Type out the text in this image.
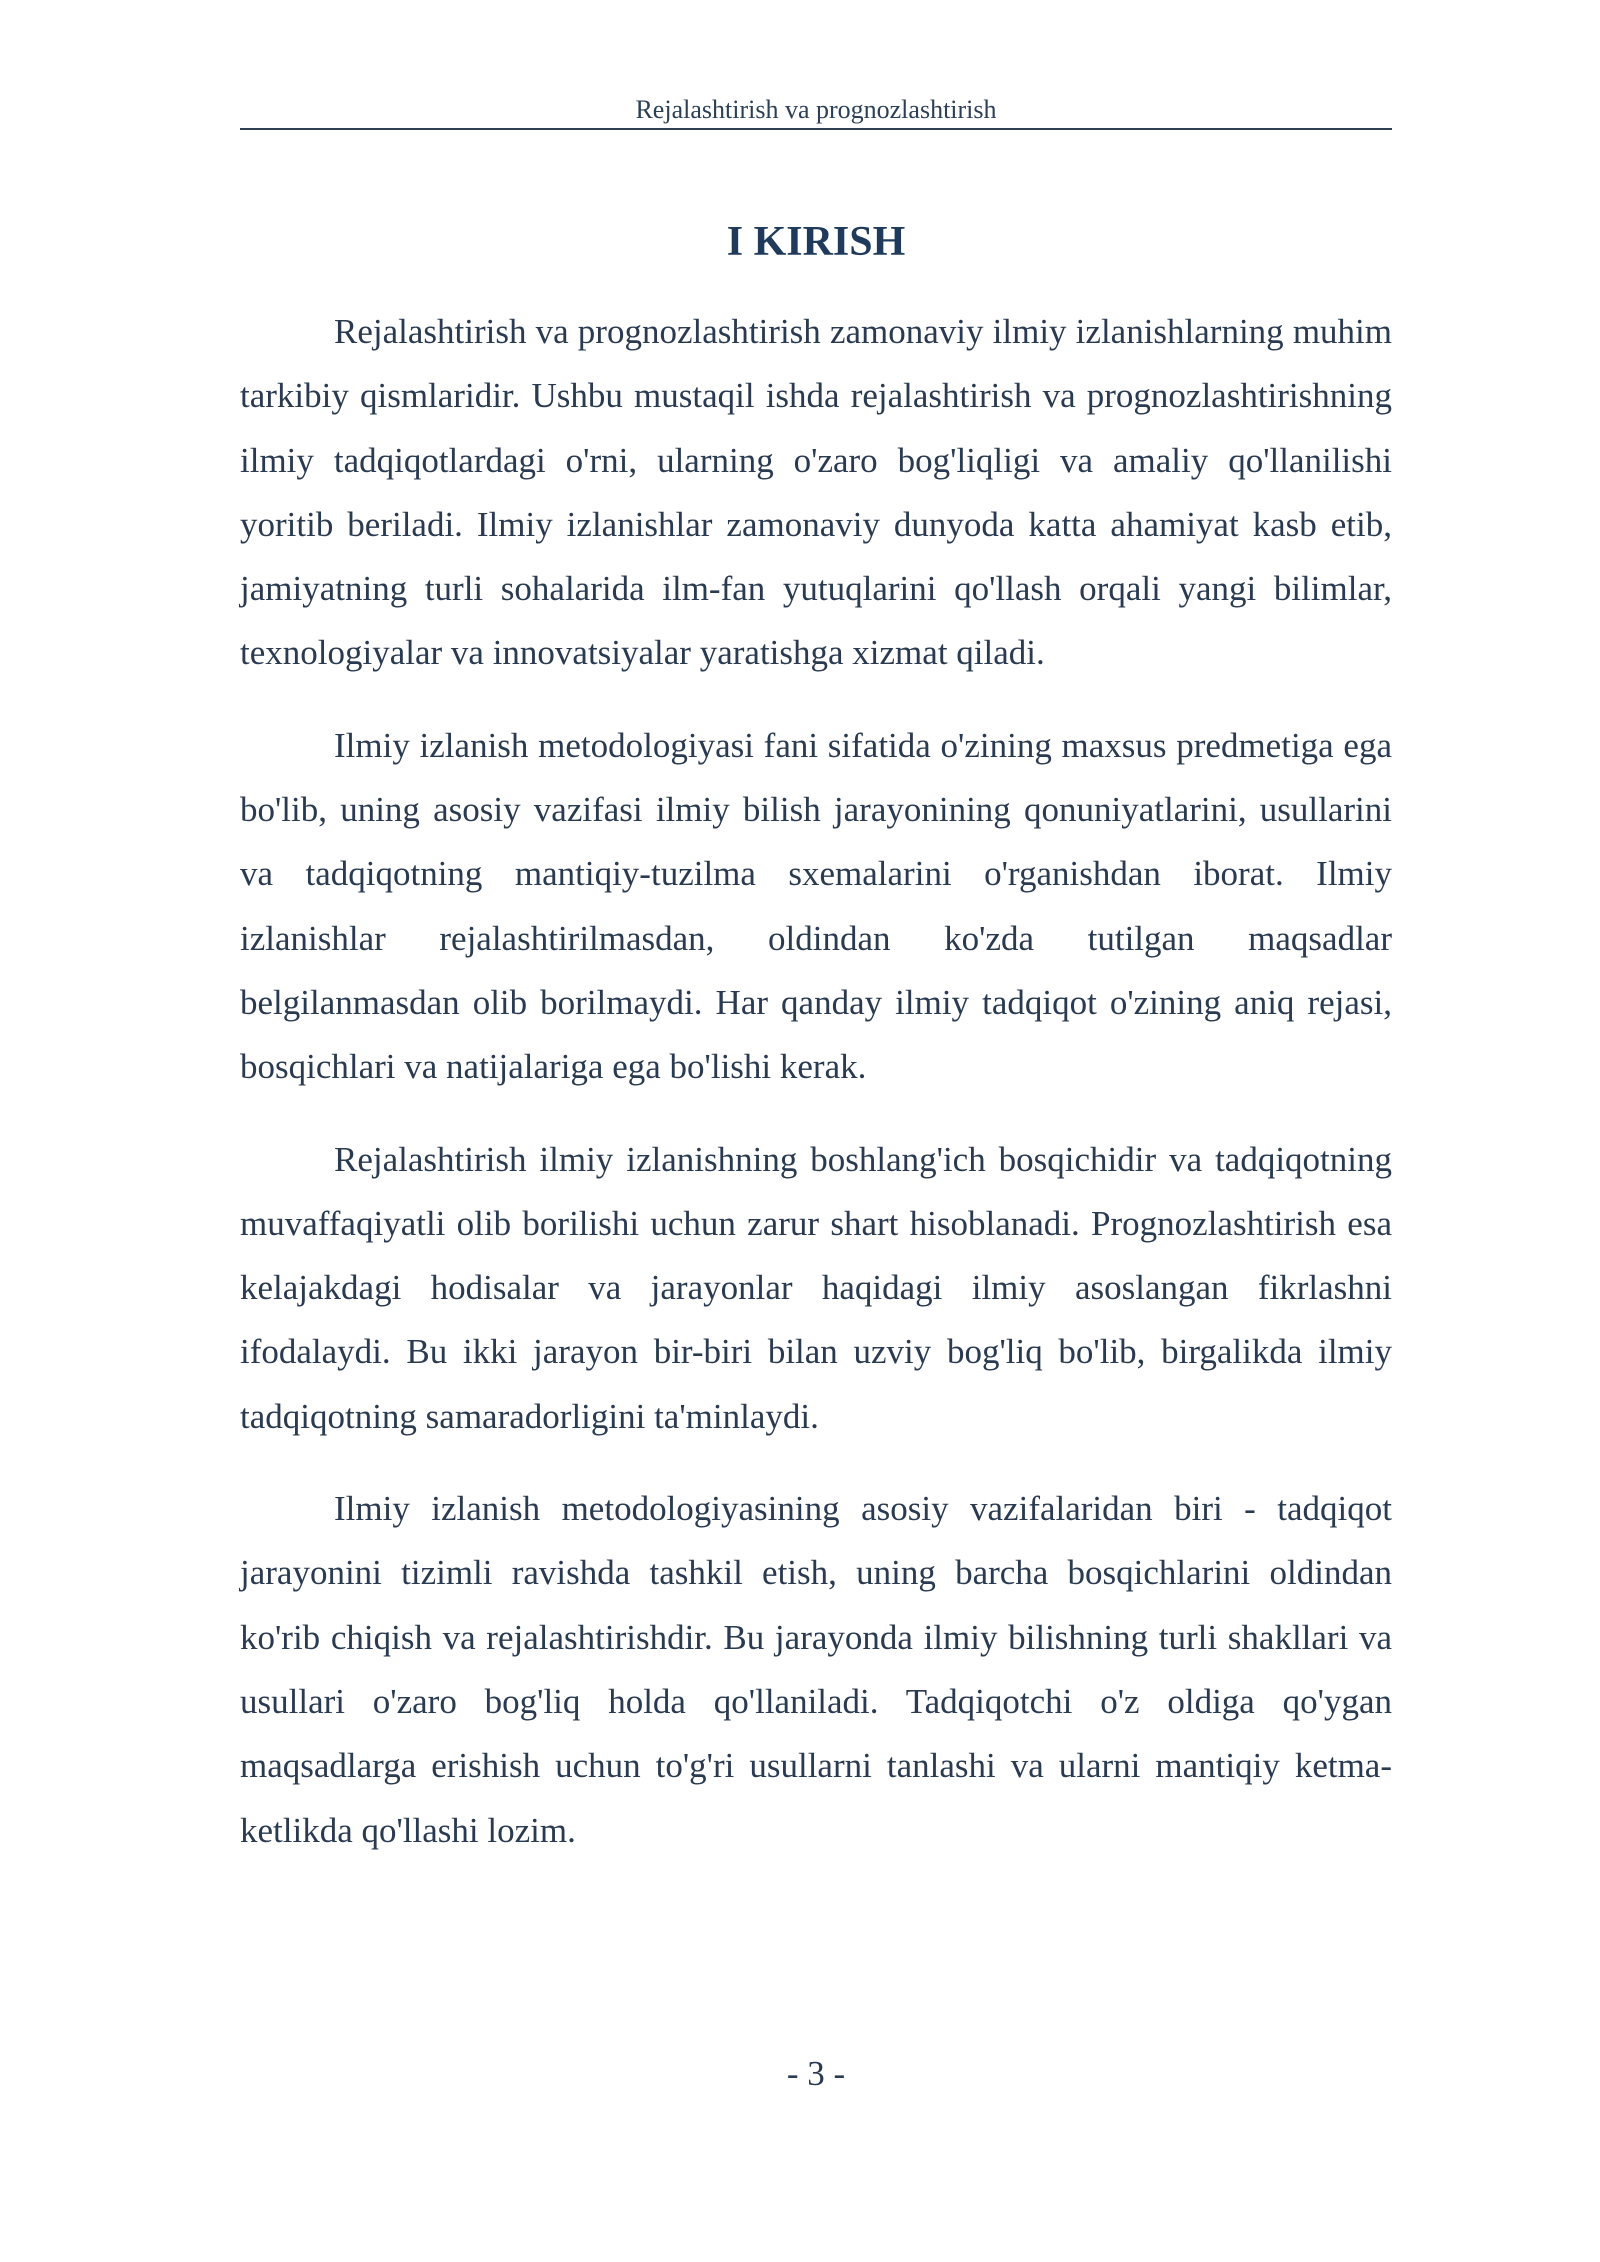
Rejalashtirish va prognozlashtirish
I KIRISH

Rejalashtirish va prognozlashtirish zamonaviy ilmiy izlanishlarning muhim tarkibiy qismlaridir. Ushbu mustaqil ishda rejalashtirish va prognozlashtirishning ilmiy tadqiqotlardagi o'rni, ularning o'zaro bog'liqligi va amaliy qo'llanilishi yoritib beriladi. Ilmiy izlanishlar zamonaviy dunyoda katta ahamiyat kasb etib, jamiyatning turli sohalarida ilm-fan yutuqlarini qo'llash orqali yangi bilimlar, texnologiyalar va innovatsiyalar yaratishga xizmat qiladi.

Ilmiy izlanish metodologiyasi fani sifatida o'zining maxsus predmetiga ega bo'lib, uning asosiy vazifasi ilmiy bilish jarayonining qonuniyatlarini, usullarini va tadqiqotning mantiqiy-tuzilma sxemalarini o'rganishdan iborat. Ilmiy izlanishlar rejalashtirilmasdan, oldindan ko'zda tutilgan maqsadlar belgilanmasdan olib borilmaydi. Har qanday ilmiy tadqiqot o'zining aniq rejasi, bosqichlari va natijalariga ega bo'lishi kerak.

Rejalashtirish ilmiy izlanishning boshlang'ich bosqichidir va tadqiqotning muvaffaqiyatli olib borilishi uchun zarur shart hisoblanadi. Prognozlashtirish esa kelajakdagi hodisalar va jarayonlar haqidagi ilmiy asoslangan fikrlashni ifodalaydi. Bu ikki jarayon bir-biri bilan uzviy bog'liq bo'lib, birgalikda ilmiy tadqiqotning samaradorligini ta'minlaydi.

Ilmiy izlanish metodologiyasining asosiy vazifalaridan biri - tadqiqot jarayonini tizimli ravishda tashkil etish, uning barcha bosqichlarini oldindan ko'rib chiqish va rejalashtirishdir. Bu jarayonda ilmiy bilishning turli shakllari va usullari o'zaro bog'liq holda qo'llaniladi. Tadqiqotchi o'z oldiga qo'ygan maqsadlarga erishish uchun to'g'ri usullarni tanlashi va ularni mantiqiy ketma-ketlikda qo'llashi lozim.

- 3 -
